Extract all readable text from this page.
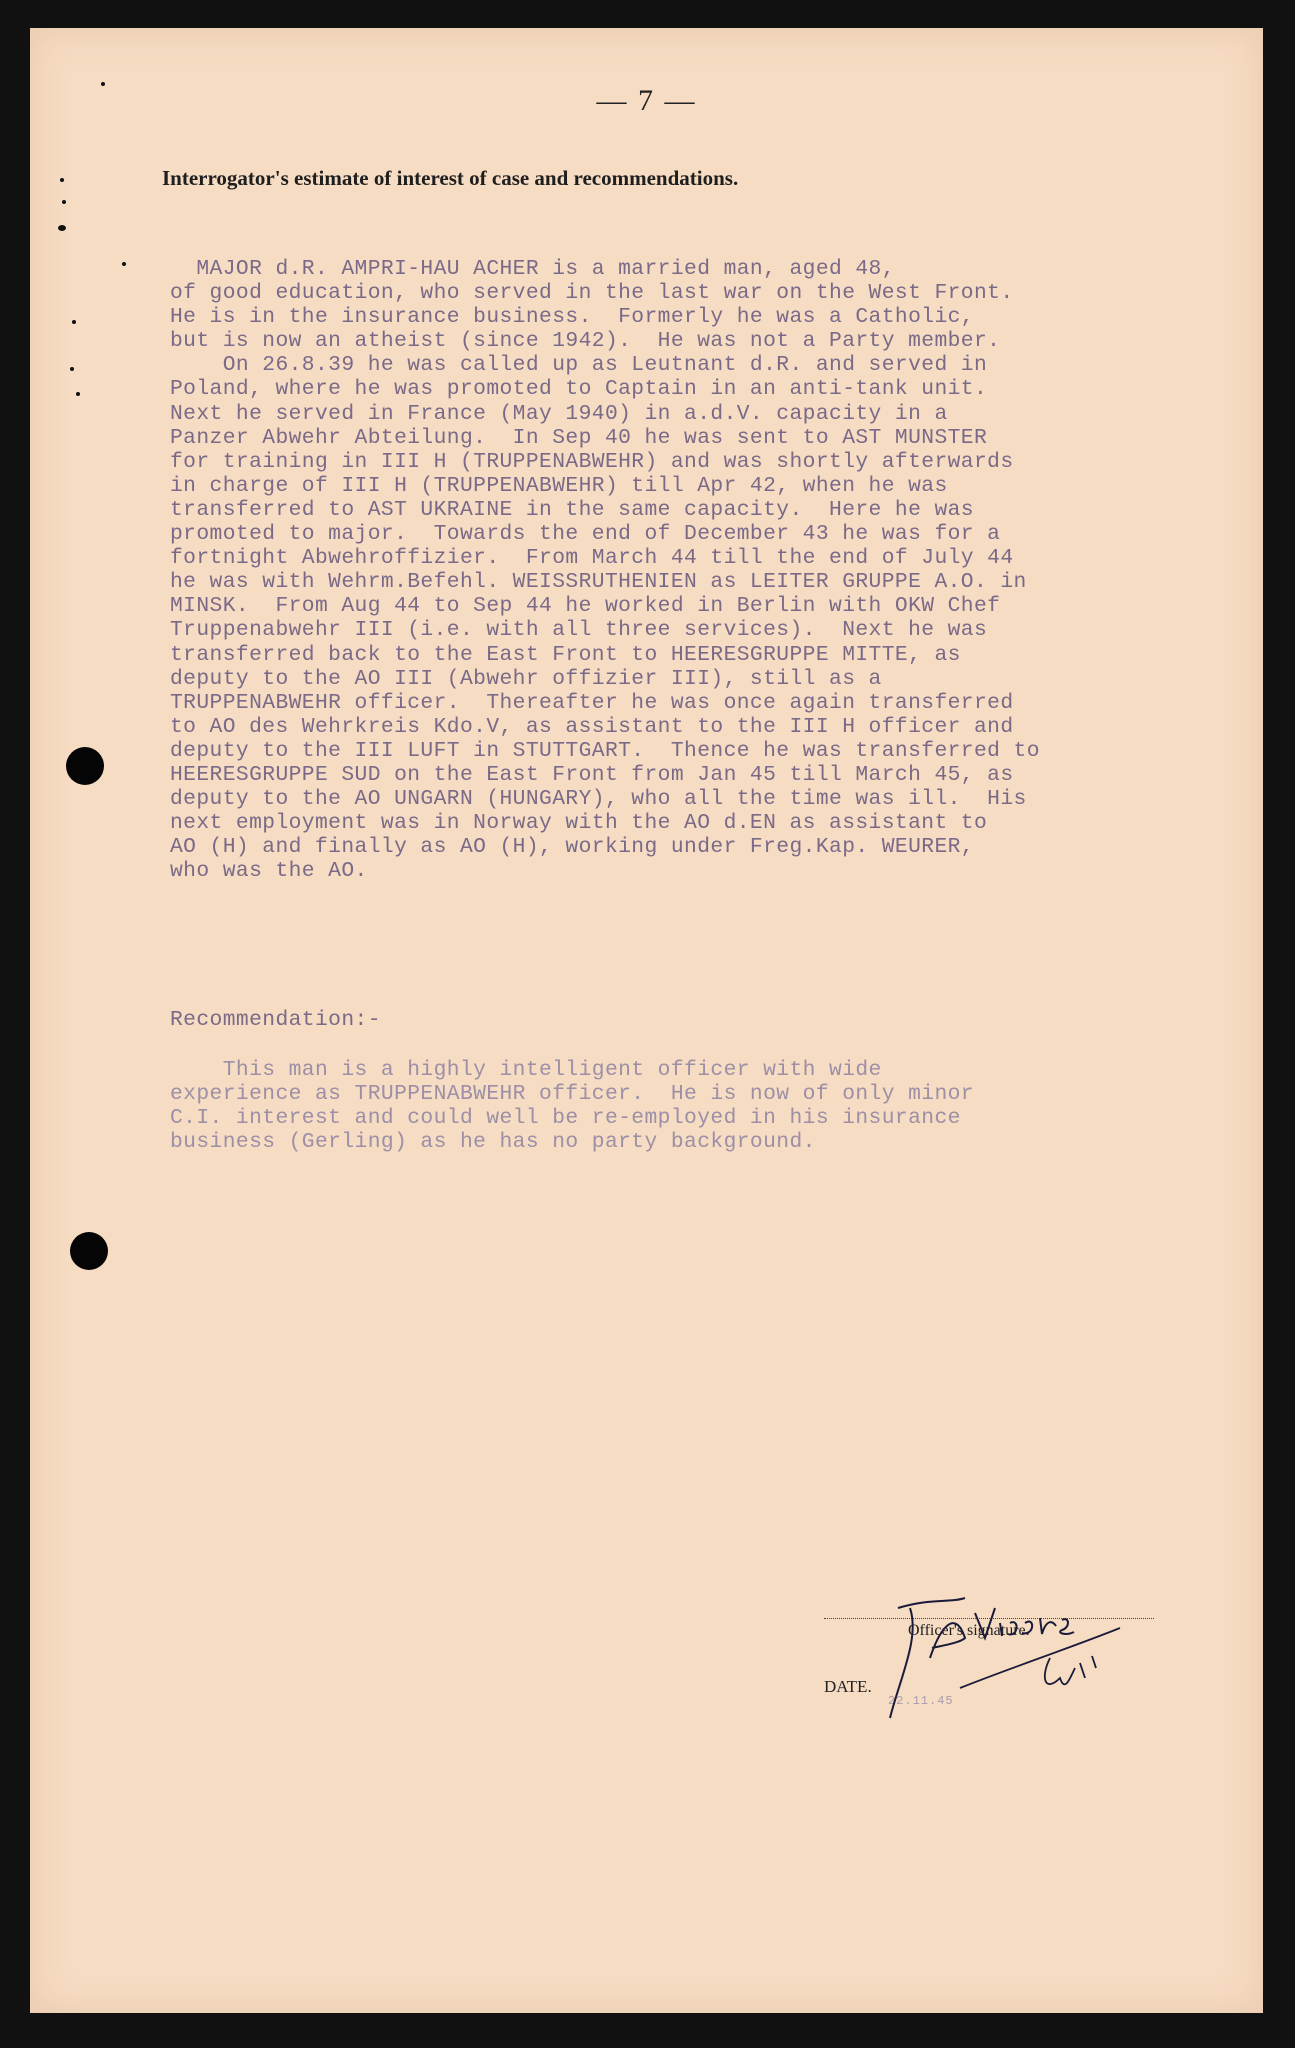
— 7 —
Interrogator's estimate of interest of case and recommendations.
MAJOR d.R. AMPRI-HAU ACHER is a married man, aged 48,
of good education, who served in the last war on the West Front.
He is in the insurance business.  Formerly he was a Catholic,
but is now an atheist (since 1942).  He was not a Party member.
On 26.8.39 he was called up as Leutnant d.R. and served in
Poland, where he was promoted to Captain in an anti-tank unit.
Next he served in France (May 1940) in a.d.V. capacity in a
Panzer Abwehr Abteilung.  In Sep 40 he was sent to AST MUNSTER
for training in III H (TRUPPENABWEHR) and was shortly afterwards
in charge of III H (TRUPPENABWEHR) till Apr 42, when he was
transferred to AST UKRAINE in the same capacity.  Here he was
promoted to major.  Towards the end of December 43 he was for a
fortnight Abwehroffizier.  From March 44 till the end of July 44
he was with Wehrm.Befehl. WEISSRUTHENIEN as LEITER GRUPPE A.O. in
MINSK.  From Aug 44 to Sep 44 he worked in Berlin with OKW Chef
Truppenabwehr III (i.e. with all three services).  Next he was
transferred back to the East Front to HEERESGRUPPE MITTE, as
deputy to the AO III (Abwehr offizier III), still as a
TRUPPENABWEHR officer.  Thereafter he was once again transferred
to AO des Wehrkreis Kdo.V, as assistant to the III H officer and
deputy to the III LUFT in STUTTGART.  Thence he was transferred to
HEERESGRUPPE SUD on the East Front from Jan 45 till March 45, as
deputy to the AO UNGARN (HUNGARY), who all the time was ill.  His
next employment was in Norway with the AO d.EN as assistant to
AO (H) and finally as AO (H), working under Freg.Kap. WEURER,
who was the AO.
Recommendation:-
This man is a highly intelligent officer with wide
experience as TRUPPENABWEHR officer.  He is now of only minor
C.I. interest and could well be re-employed in his insurance
business (Gerling) as he has no party background.
Officer's signature.
DATE.
22.11.45
